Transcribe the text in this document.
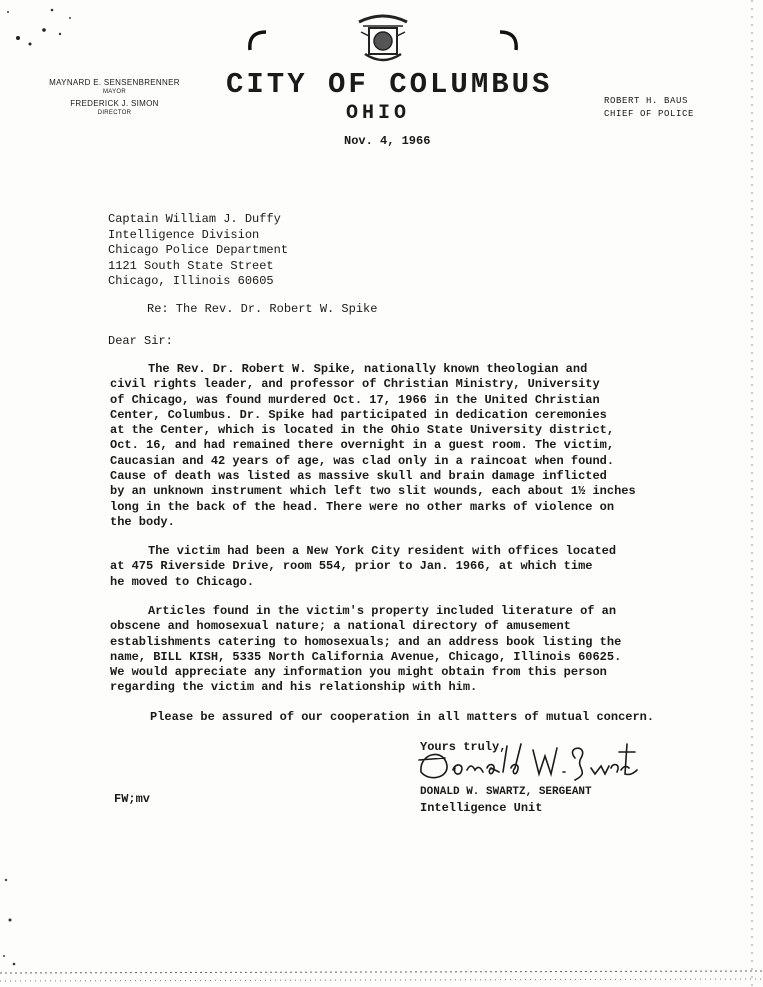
MAYNARD E. SENSENBRENNER
MAYOR
FREDERICK J. SIMON
DIRECTOR
CITY OF COLUMBUS
OHIO
ROBERT H. BAUS
CHIEF OF POLICE
Nov. 4, 1966
Captain William J. Duffy
Intelligence Division
Chicago Police Department
1121 South State Street
Chicago, Illinois 60605
Re: The Rev. Dr. Robert W. Spike
Dear Sir:
The Rev. Dr. Robert W. Spike, nationally known theologian and
civil rights leader, and professor of Christian Ministry, University
of Chicago, was found murdered Oct. 17, 1966 in the United Christian
Center, Columbus. Dr. Spike had participated in dedication ceremonies
at the Center, which is located in the Ohio State University district,
Oct. 16, and had remained there overnight in a guest room. The victim,
Caucasian and 42 years of age, was clad only in a raincoat when found.
Cause of death was listed as massive skull and brain damage inflicted
by an unknown instrument which left two slit wounds, each about 1½ inches
long in the back of the head. There were no other marks of violence on
the body.
The victim had been a New York City resident with offices located
at 475 Riverside Drive, room 554, prior to Jan. 1966, at which time
he moved to Chicago.
Articles found in the victim's property included literature of an
obscene and homosexual nature; a national directory of amusement
establishments catering to homosexuals; and an address book listing the
name, BILL KISH, 5335 North California Avenue, Chicago, Illinois 60625.
We would appreciate any information you might obtain from this person
regarding the victim and his relationship with him.
Please be assured of our cooperation in all matters of mutual concern.
Yours truly,
DONALD W. SWARTZ, SERGEANT
Intelligence Unit
FW;mv
